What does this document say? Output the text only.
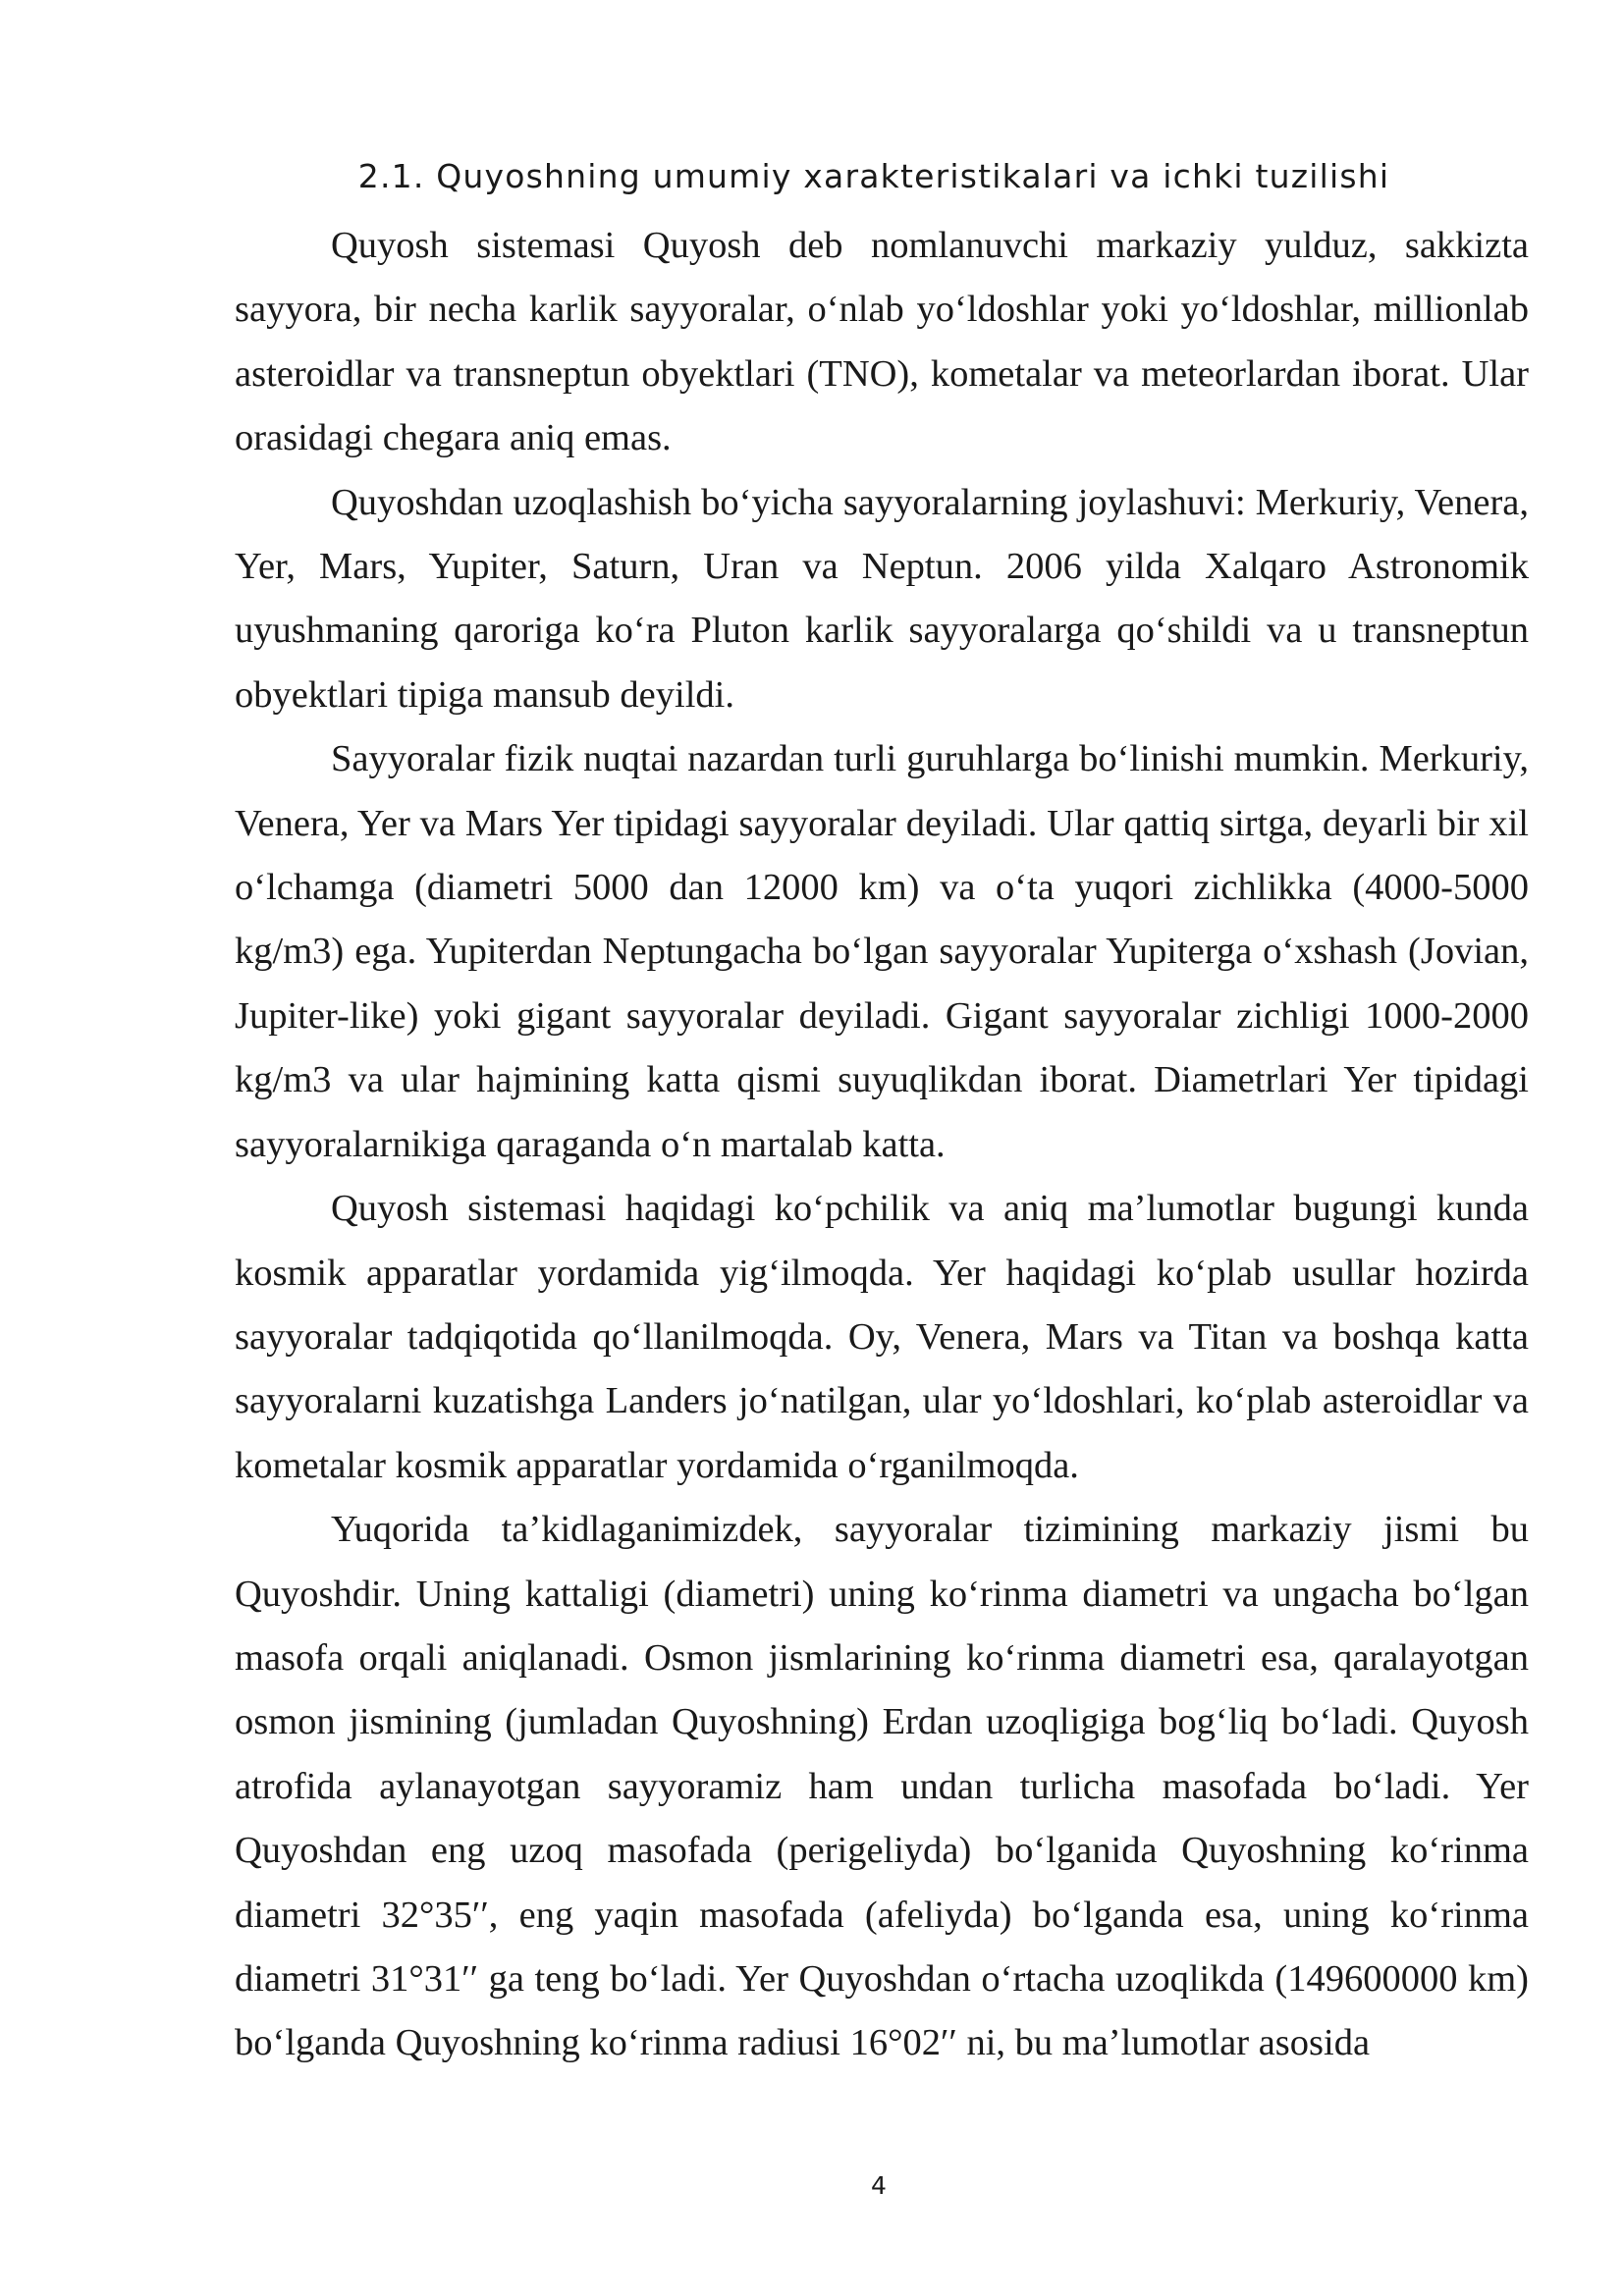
2.1. Quyoshning umumiy xarakteristikalari va ichki tuzilishi

Quyosh sistemasi Quyosh deb nomlanuvchi markaziy yulduz, sakkizta sayyora, bir necha karlik sayyoralar, o‘nlab yo‘ldoshlar yoki yo‘ldoshlar, millionlab asteroidlar va transneptun obyektlari (TNO), kometalar va meteorlardan iborat. Ular orasidagi chegara aniq emas.

Quyoshdan uzoqlashish bo‘yicha sayyoralarning joylashuvi: Merkuriy, Venera, Yer, Mars, Yupiter, Saturn, Uran va Neptun. 2006 yilda Xalqaro Astronomik uyushmaning qaroriga ko‘ra Pluton karlik sayyoralarga qo‘shildi va u transneptun obyektlari tipiga mansub deyildi.

Sayyoralar fizik nuqtai nazardan turli guruhlarga bo‘linishi mumkin. Merkuriy, Venera, Yer va Mars Yer tipidagi sayyoralar deyiladi. Ular qattiq sirtga, deyarli bir xil o‘lchamga (diametri 5000 dan 12000 km) va o‘ta yuqori zichlikka (4000-5000 kg/m3) ega. Yupiterdan Neptungacha bo‘lgan sayyoralar Yupiterga o‘xshash (Jovian, Jupiter-like) yoki gigant sayyoralar deyiladi. Gigant sayyoralar zichligi 1000-2000 kg/m3 va ular hajmining katta qismi suyuqlikdan iborat. Diametrlari Yer tipidagi sayyoralarnikiga qaraganda o‘n martalab katta.

Quyosh sistemasi haqidagi ko‘pchilik va aniq ma’lumotlar bugungi kunda kosmik apparatlar yordamida yig‘ilmoqda. Yer haqidagi ko‘plab usullar hozirda sayyoralar tadqiqotida qo‘llanilmoqda. Oy, Venera, Mars va Titan va boshqa katta sayyoralarni kuzatishga Landers jo‘natilgan, ular yo‘ldoshlari, ko‘plab asteroidlar va kometalar kosmik apparatlar yordamida o‘rganilmoqda.

Yuqorida ta’kidlaganimizdek, sayyoralar tizimining markaziy jismi bu Quyoshdir. Uning kattaligi (diametri) uning ko‘rinma diametri va ungacha bo‘lgan masofa orqali aniqlanadi. Osmon jismlarining ko‘rinma diametri esa, qaralayotgan osmon jismining (jumladan Quyoshning) Erdan uzoqligiga bog‘liq bo‘ladi. Quyosh atrofida aylanayotgan sayyoramiz ham undan turlicha masofada bo‘ladi. Yer Quyoshdan eng uzoq masofada (perigeliyda) bo‘lganida Quyoshning ko‘rinma diametri 32°35′′, eng yaqin masofada (afeliyda) bo‘lganda esa, uning ko‘rinma diametri 31°31′′ ga teng bo‘ladi. Yer Quyoshdan o‘rtacha uzoqlikda (149600000 km) bo‘lganda Quyoshning ko‘rinma radiusi 16°02′′ ni, bu ma’lumotlar asosida

4
